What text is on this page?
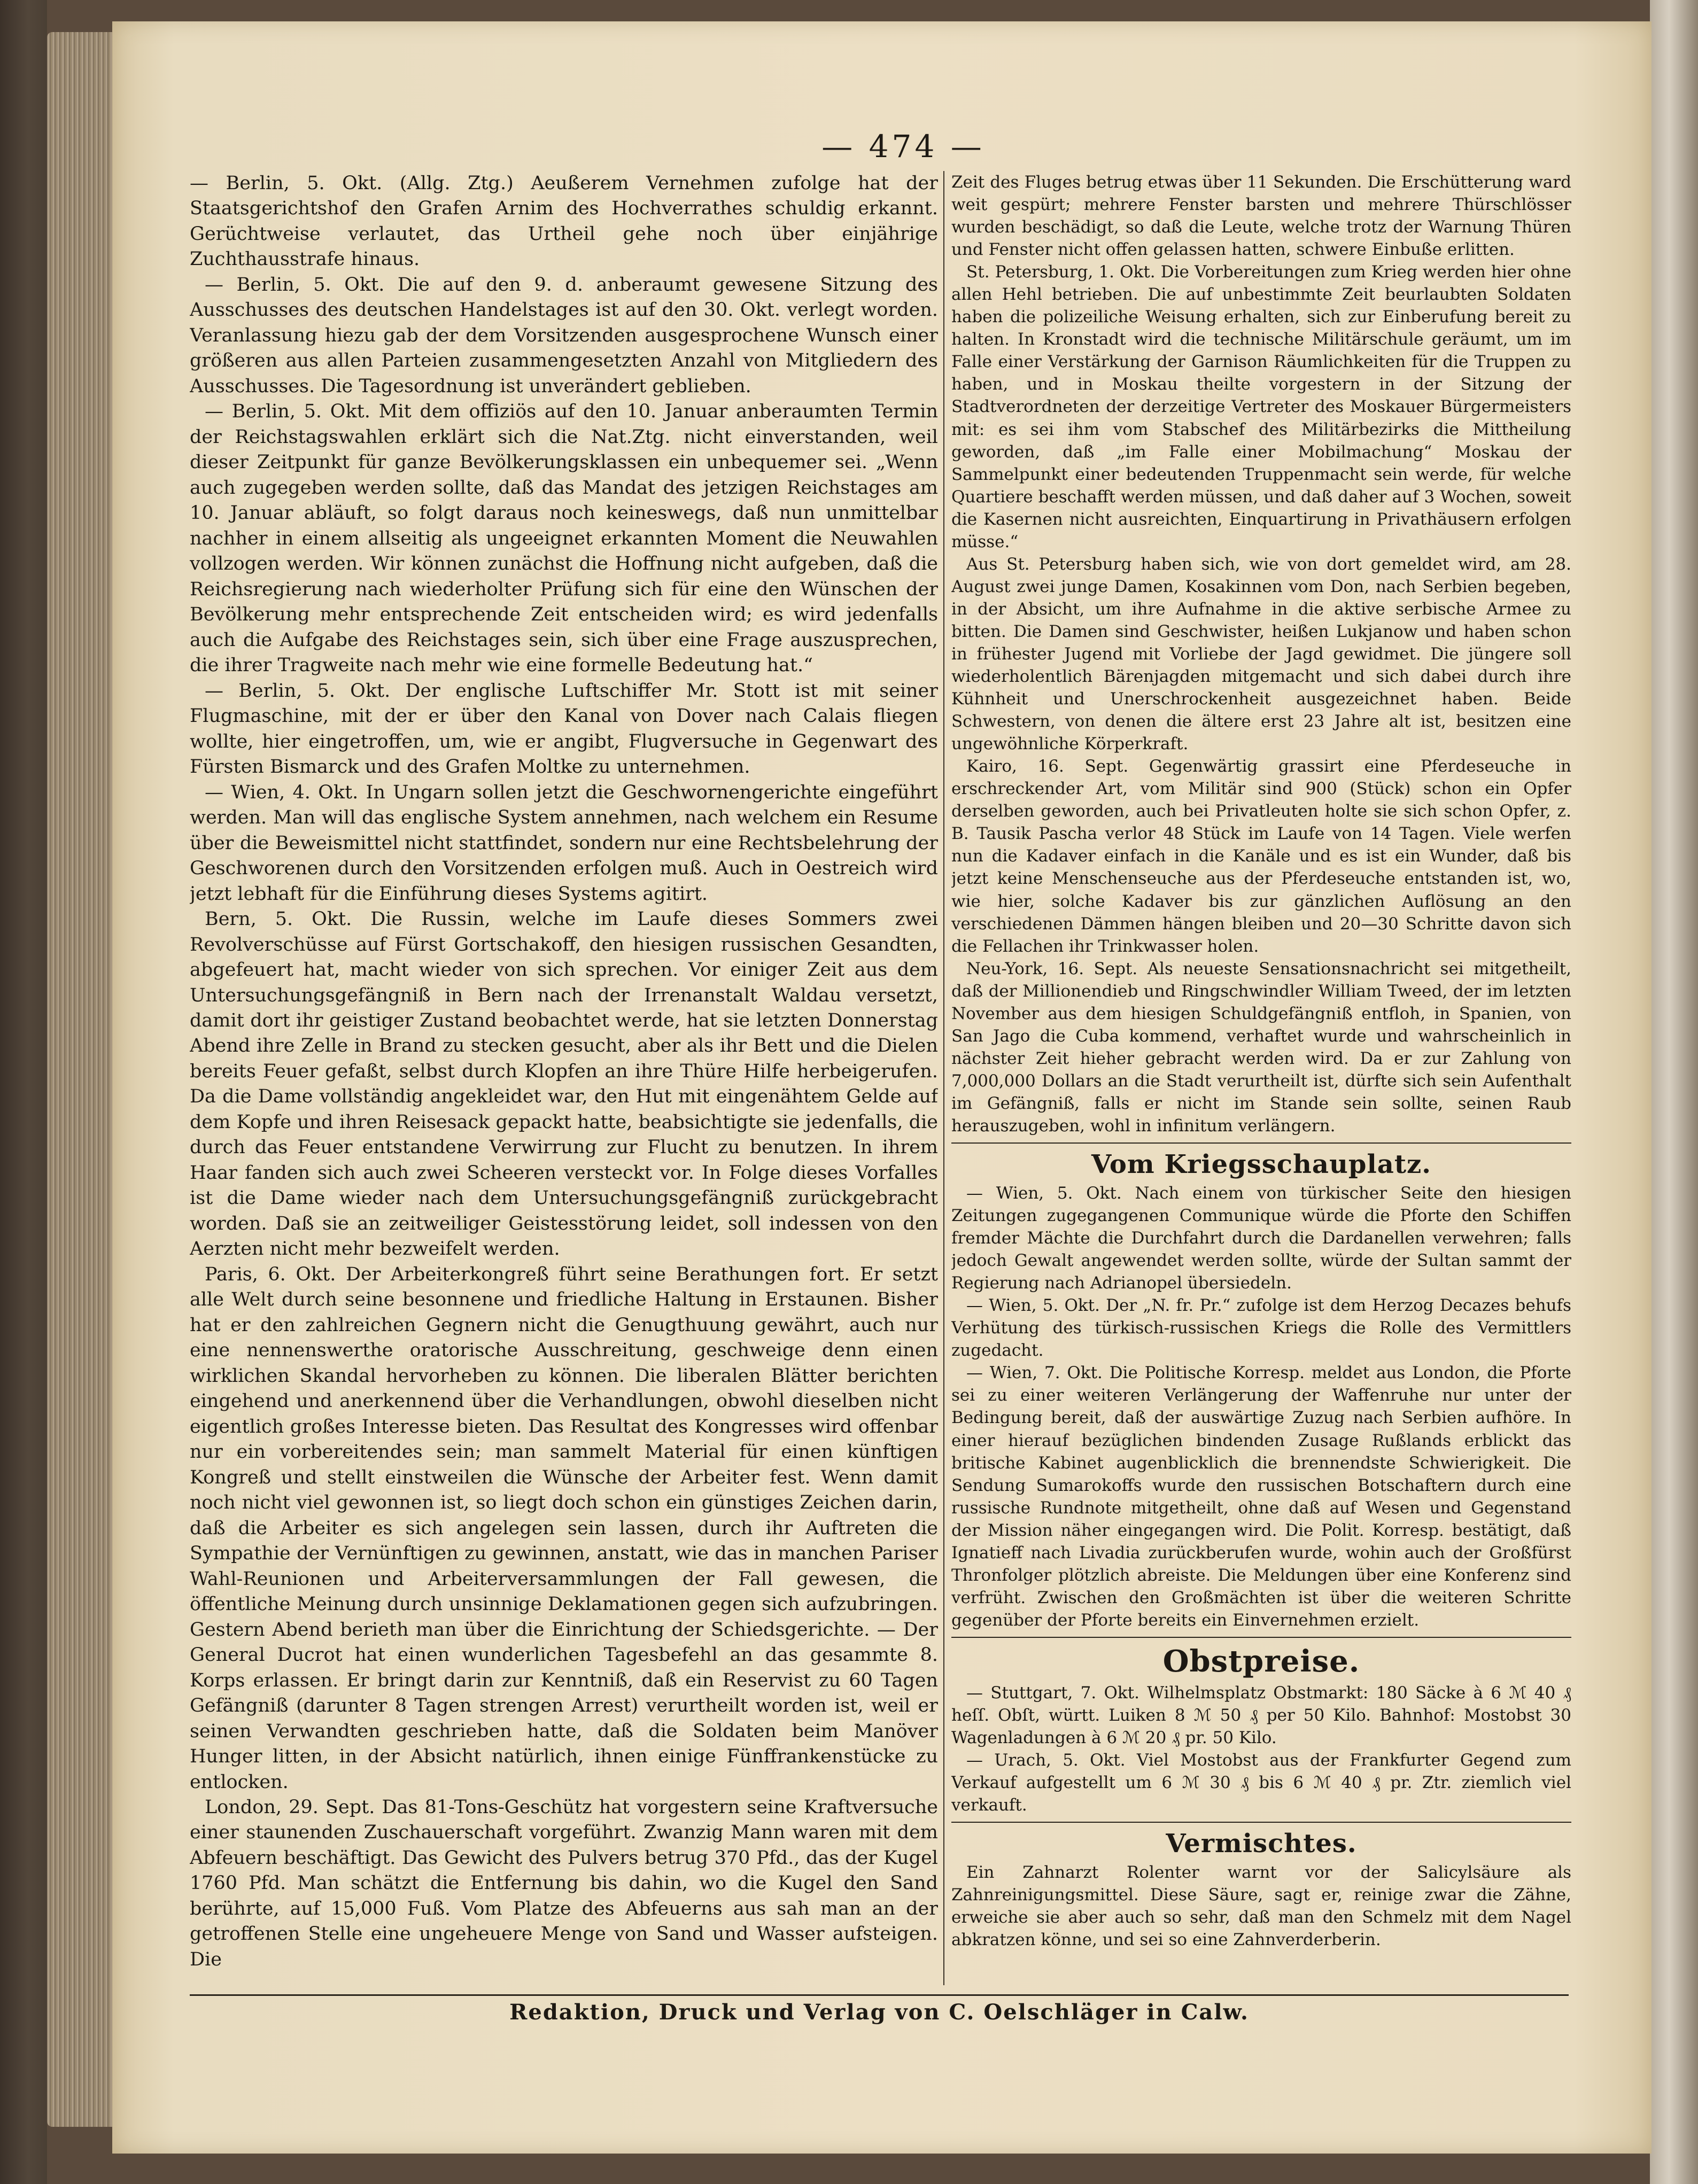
— 474 —

— Berlin, 5. Okt. (Allg. Ztg.) Aeußerem Vernehmen zufolge hat der Staatsgerichtshof den Grafen Arnim des Hochverrathes schuldig erkannt. Gerüchtweise verlautet, das Urtheil gehe noch über einjährige Zuchthausstrafe hinaus.

— Berlin, 5. Okt. Die auf den 9. d. anberaumt gewesene Sitzung des Ausschusses des deutschen Handelstages ist auf den 30. Okt. verlegt worden. Veranlassung hiezu gab der dem Vorsitzenden ausgesprochene Wunsch einer größeren aus allen Parteien zusammengesetzten Anzahl von Mitgliedern des Ausschusses. Die Tagesordnung ist unverändert geblieben.

— Berlin, 5. Okt. Mit dem offiziös auf den 10. Januar anberaumten Termin der Reichstagswahlen erklärt sich die Nat.Ztg. nicht einverstanden, weil dieser Zeitpunkt für ganze Bevölkerungsklassen ein unbequemer sei. „Wenn auch zugegeben werden sollte, daß das Mandat des jetzigen Reichstages am 10. Januar abläuft, so folgt daraus noch keineswegs, daß nun unmittelbar nachher in einem allseitig als ungeeignet erkannten Moment die Neuwahlen vollzogen werden. Wir können zunächst die Hoffnung nicht aufgeben, daß die Reichsregierung nach wiederholter Prüfung sich für eine den Wünschen der Bevölkerung mehr entsprechende Zeit entscheiden wird; es wird jedenfalls auch die Aufgabe des Reichstages sein, sich über eine Frage auszusprechen, die ihrer Tragweite nach mehr wie eine formelle Bedeutung hat.“

— Berlin, 5. Okt. Der englische Luftschiffer Mr. Stott ist mit seiner Flugmaschine, mit der er über den Kanal von Dover nach Calais fliegen wollte, hier eingetroffen, um, wie er angibt, Flugversuche in Gegenwart des Fürsten Bismarck und des Grafen Moltke zu unternehmen.

— Wien, 4. Okt. In Ungarn sollen jetzt die Geschwornengerichte eingeführt werden. Man will das englische System annehmen, nach welchem ein Resume über die Beweismittel nicht stattfindet, sondern nur eine Rechtsbelehrung der Geschworenen durch den Vorsitzenden erfolgen muß. Auch in Oestreich wird jetzt lebhaft für die Einführung dieses Systems agitirt.

Bern, 5. Okt. Die Russin, welche im Laufe dieses Sommers zwei Revolverschüsse auf Fürst Gortschakoff, den hiesigen russischen Gesandten, abgefeuert hat, macht wieder von sich sprechen. Vor einiger Zeit aus dem Untersuchungsgefängniß in Bern nach der Irrenanstalt Waldau versetzt, damit dort ihr geistiger Zustand beobachtet werde, hat sie letzten Donnerstag Abend ihre Zelle in Brand zu stecken gesucht, aber als ihr Bett und die Dielen bereits Feuer gefaßt, selbst durch Klopfen an ihre Thüre Hilfe herbeigerufen. Da die Dame vollständig angekleidet war, den Hut mit eingenähtem Gelde auf dem Kopfe und ihren Reisesack gepackt hatte, beabsichtigte sie jedenfalls, die durch das Feuer entstandene Verwirrung zur Flucht zu benutzen. In ihrem Haar fanden sich auch zwei Scheeren versteckt vor. In Folge dieses Vorfalles ist die Dame wieder nach dem Untersuchungsgefängniß zurückgebracht worden. Daß sie an zeitweiliger Geistesstörung leidet, soll indessen von den Aerzten nicht mehr bezweifelt werden.

Paris, 6. Okt. Der Arbeiterkongreß führt seine Berathungen fort. Er setzt alle Welt durch seine besonnene und friedliche Haltung in Erstaunen. Bisher hat er den zahlreichen Gegnern nicht die Genugthuung gewährt, auch nur eine nennenswerthe oratorische Ausschreitung, geschweige denn einen wirklichen Skandal hervorheben zu können. Die liberalen Blätter berichten eingehend und anerkennend über die Verhandlungen, obwohl dieselben nicht eigentlich großes Interesse bieten. Das Resultat des Kongresses wird offenbar nur ein vorbereitendes sein; man sammelt Material für einen künftigen Kongreß und stellt einstweilen die Wünsche der Arbeiter fest. Wenn damit noch nicht viel gewonnen ist, so liegt doch schon ein günstiges Zeichen darin, daß die Arbeiter es sich angelegen sein lassen, durch ihr Auftreten die Sympathie der Vernünftigen zu gewinnen, anstatt, wie das in manchen Pariser Wahl-Reunionen und Arbeiterversammlungen der Fall gewesen, die öffentliche Meinung durch unsinnige Deklamationen gegen sich aufzubringen. Gestern Abend berieth man über die Einrichtung der Schiedsgerichte. — Der General Ducrot hat einen wunderlichen Tagesbefehl an das gesammte 8. Korps erlassen. Er bringt darin zur Kenntniß, daß ein Reservist zu 60 Tagen Gefängniß (darunter 8 Tagen strengen Arrest) verurtheilt worden ist, weil er seinen Verwandten geschrieben hatte, daß die Soldaten beim Manöver Hunger litten, in der Absicht natürlich, ihnen einige Fünffrankenstücke zu entlocken.

London, 29. Sept. Das 81-Tons-Geschütz hat vorgestern seine Kraftversuche einer staunenden Zuschauerschaft vorgeführt. Zwanzig Mann waren mit dem Abfeuern beschäftigt. Das Gewicht des Pulvers betrug 370 Pfd., das der Kugel 1760 Pfd. Man schätzt die Entfernung bis dahin, wo die Kugel den Sand berührte, auf 15,000 Fuß. Vom Platze des Abfeuerns aus sah man an der getroffenen Stelle eine ungeheuere Menge von Sand und Wasser aufsteigen. Die

Zeit des Fluges betrug etwas über 11 Sekunden. Die Erschütterung ward weit gespürt; mehrere Fenster barsten und mehrere Thürschlösser wurden beschädigt, so daß die Leute, welche trotz der Warnung Thüren und Fenster nicht offen gelassen hatten, schwere Einbuße erlitten.

St. Petersburg, 1. Okt. Die Vorbereitungen zum Krieg werden hier ohne allen Hehl betrieben. Die auf unbestimmte Zeit beurlaubten Soldaten haben die polizeiliche Weisung erhalten, sich zur Einberufung bereit zu halten. In Kronstadt wird die technische Militärschule geräumt, um im Falle einer Verstärkung der Garnison Räumlichkeiten für die Truppen zu haben, und in Moskau theilte vorgestern in der Sitzung der Stadtverordneten der derzeitige Vertreter des Moskauer Bürgermeisters mit: es sei ihm vom Stabschef des Militärbezirks die Mittheilung geworden, daß „im Falle einer Mobilmachung“ Moskau der Sammelpunkt einer bedeutenden Truppenmacht sein werde, für welche Quartiere beschafft werden müssen, und daß daher auf 3 Wochen, soweit die Kasernen nicht ausreichten, Einquartirung in Privathäusern erfolgen müsse.“

Aus St. Petersburg haben sich, wie von dort gemeldet wird, am 28. August zwei junge Damen, Kosakinnen vom Don, nach Serbien begeben, in der Absicht, um ihre Aufnahme in die aktive serbische Armee zu bitten. Die Damen sind Geschwister, heißen Lukjanow und haben schon in frühester Jugend mit Vorliebe der Jagd gewidmet. Die jüngere soll wiederholentlich Bärenjagden mitgemacht und sich dabei durch ihre Kühnheit und Unerschrockenheit ausgezeichnet haben. Beide Schwestern, von denen die ältere erst 23 Jahre alt ist, besitzen eine ungewöhnliche Körperkraft.

Kairo, 16. Sept. Gegenwärtig grassirt eine Pferdeseuche in erschreckender Art, vom Militär sind 900 (Stück) schon ein Opfer derselben geworden, auch bei Privatleuten holte sie sich schon Opfer, z. B. Tausik Pascha verlor 48 Stück im Laufe von 14 Tagen. Viele werfen nun die Kadaver einfach in die Kanäle und es ist ein Wunder, daß bis jetzt keine Menschenseuche aus der Pferdeseuche entstanden ist, wo, wie hier, solche Kadaver bis zur gänzlichen Auflösung an den verschiedenen Dämmen hängen bleiben und 20—30 Schritte davon sich die Fellachen ihr Trinkwasser holen.

Neu-York, 16. Sept. Als neueste Sensationsnachricht sei mitgetheilt, daß der Millionendieb und Ringschwindler William Tweed, der im letzten November aus dem hiesigen Schuldgefängniß entfloh, in Spanien, von San Jago die Cuba kommend, verhaftet wurde und wahrscheinlich in nächster Zeit hieher gebracht werden wird. Da er zur Zahlung von 7,000,000 Dollars an die Stadt verurtheilt ist, dürfte sich sein Aufenthalt im Gefängniß, falls er nicht im Stande sein sollte, seinen Raub herauszugeben, wohl in infinitum verlängern.

Vom Kriegsschauplatz.

— Wien, 5. Okt. Nach einem von türkischer Seite den hiesigen Zeitungen zugegangenen Communique würde die Pforte den Schiffen fremder Mächte die Durchfahrt durch die Dardanellen verwehren; falls jedoch Gewalt angewendet werden sollte, würde der Sultan sammt der Regierung nach Adrianopel übersiedeln.

— Wien, 5. Okt. Der „N. fr. Pr.“ zufolge ist dem Herzog Decazes behufs Verhütung des türkisch-russischen Kriegs die Rolle des Vermittlers zugedacht.

— Wien, 7. Okt. Die Politische Korresp. meldet aus London, die Pforte sei zu einer weiteren Verlängerung der Waffenruhe nur unter der Bedingung bereit, daß der auswärtige Zuzug nach Serbien aufhöre. In einer hierauf bezüglichen bindenden Zusage Rußlands erblickt das britische Kabinet augenblicklich die brennendste Schwierigkeit. Die Sendung Sumarokoffs wurde den russischen Botschaftern durch eine russische Rundnote mitgetheilt, ohne daß auf Wesen und Gegenstand der Mission näher eingegangen wird. Die Polit. Korresp. bestätigt, daß Ignatieff nach Livadia zurückberufen wurde, wohin auch der Großfürst Thronfolger plötzlich abreiste. Die Meldungen über eine Konferenz sind verfrüht. Zwischen den Großmächten ist über die weiteren Schritte gegenüber der Pforte bereits ein Einvernehmen erzielt.

Obstpreise.

— Stuttgart, 7. Okt. Wilhelmsplatz Obstmarkt: 180 Säcke à 6 ℳ 40 ₰ heſſ. Obſt, württ. Luiken 8 ℳ 50 ₰ per 50 Kilo. Bahnhof: Mostobst 30 Wagenladungen à 6 ℳ 20 ₰ pr. 50 Kilo.

— Urach, 5. Okt. Viel Mostobst aus der Frankfurter Gegend zum Verkauf aufgestellt um 6 ℳ 30 ₰ bis 6 ℳ 40 ₰ pr. Ztr. ziemlich viel verkauft.

Vermischtes.

Ein Zahnarzt Rolenter warnt vor der Salicylsäure als Zahnreinigungsmittel. Diese Säure, sagt er, reinige zwar die Zähne, erweiche sie aber auch so sehr, daß man den Schmelz mit dem Nagel abkratzen könne, und sei so eine Zahnverderberin.

Redaktion, Druck und Verlag von C. Oelschläger in Calw.
